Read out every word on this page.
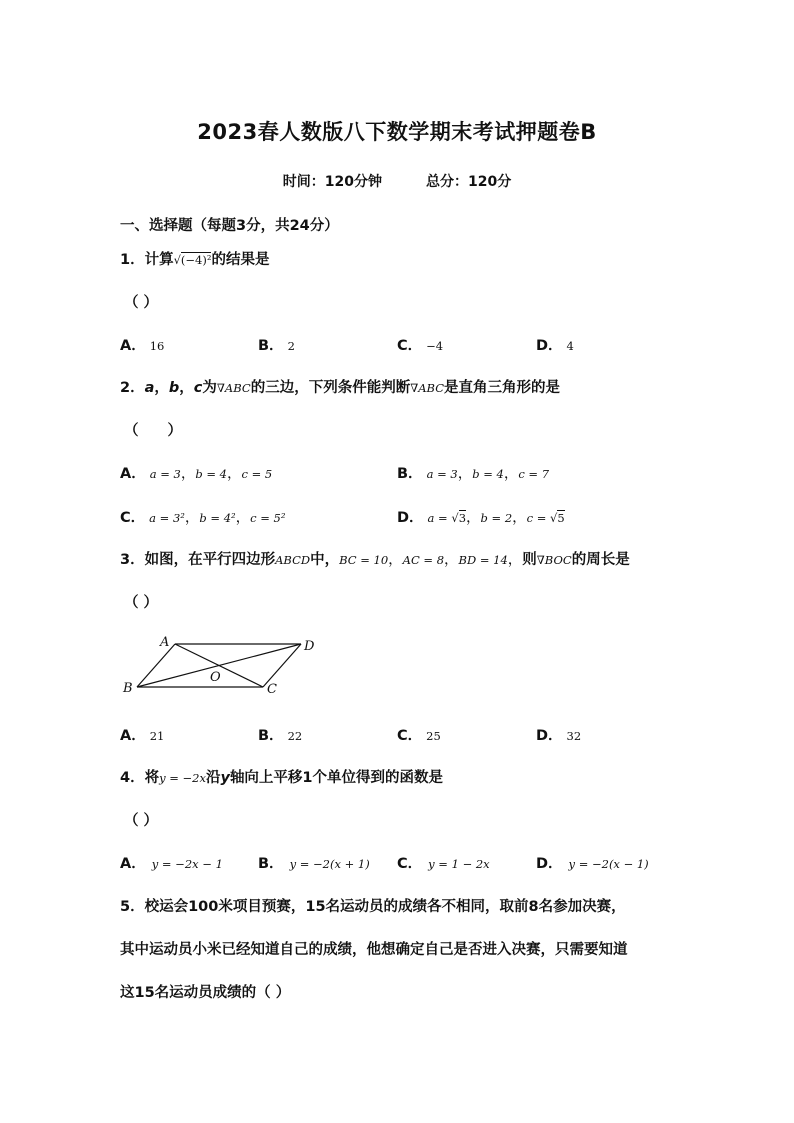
2023春人数版八下数学期末考试押题卷B
时间：120分钟	总分：120分
一、选择题（每题3分，共24分）
1．计算√(−4)²的结果是
（ ）
A． 16	B． 2	C． −4	D． 4
2．a，b，c为∇ABC的三边，下列条件能判断∇ABC是直角三角形的是
（　　）
A． a = 3，b = 4，c = 5	B． a = 3，b = 4，c = 7
C． a = 3²，b = 4²，c = 5²	D． a = √3，b = 2，c = √5
3．如图，在平行四边形ABCD中，BC = 10，AC = 8，BD = 14，则∇BOC的周长是
（ ）
A	D
B	C
O
A． 21	B． 22	C． 25	D． 32
4．将y = −2x沿y轴向上平移1个单位得到的函数是
（ ）
A． y = −2x − 1 B． y = −2(x + 1) C． y = 1 − 2x	D． y = −2(x − 1)
5．校运会100米项目预赛，15名运动员的成绩各不相同，取前8名参加决赛，
其中运动员小米已经知道自己的成绩，他想确定自己是否进入决赛，只需要知道
这15名运动员成绩的（ ）
